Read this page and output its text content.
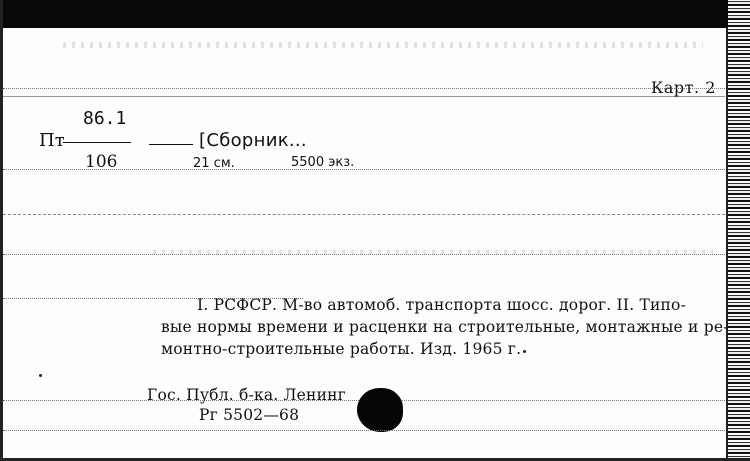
Карт. 2
86.1
Пт
106
[Сборник...
21 см.	5500 экз.
I. РСФСР. М-во автомоб. транспорта шосс. дорог. II. Типо-
вые нормы времени и расценки на строительные, монтажные и ре-
монтно-строительные работы. Изд. 1965 г.
Гос. Публ. б-ка. Ленинг
Рг 5502—68
